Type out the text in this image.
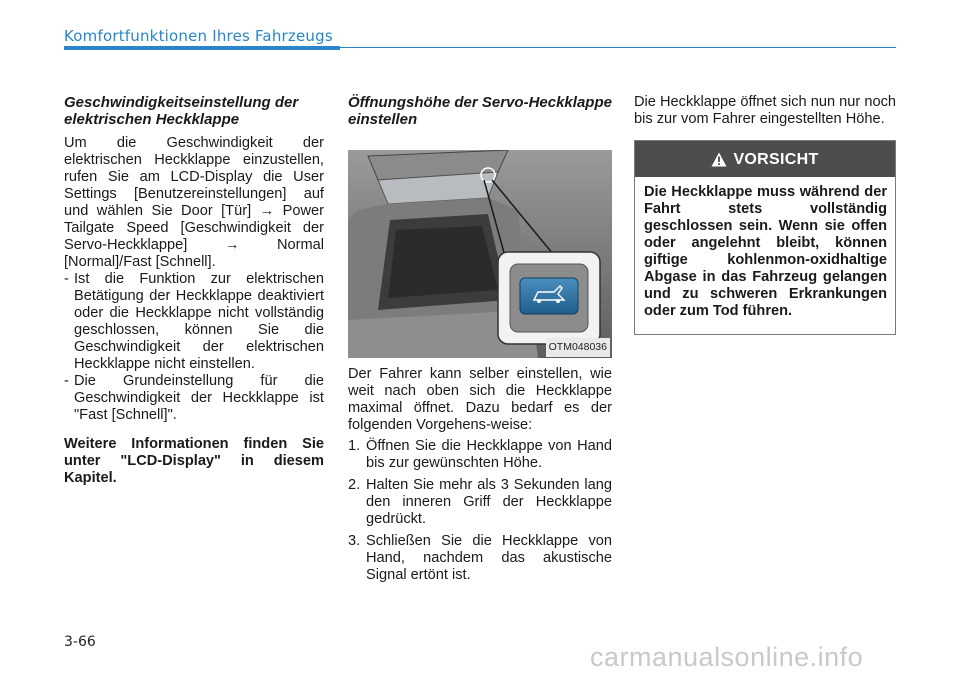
Komfortfunktionen Ihres Fahrzeugs
Geschwindigkeitseinstellung der elektrischen Heckklappe

Um die Geschwindigkeit der elektrischen Heckklappe einzustellen, rufen Sie am LCD-Display die User Settings [Benutzereinstellungen] auf und wählen Sie Door [Tür] → Power Tailgate Speed [Geschwindigkeit der Servo-Heckklappe] → Normal [Normal]/Fast [Schnell].

- Ist die Funktion zur elektrischen Betätigung der Heckklappe deaktiviert oder die Heckklappe nicht vollständig geschlossen, können Sie die Geschwindigkeit der elektrischen Heckklappe nicht einstellen.
- Die Grundeinstellung für die Geschwindigkeit der Heckklappe ist "Fast [Schnell]".

Weitere Informationen finden Sie unter "LCD-Display" in diesem Kapitel.

Öffnungshöhe der Servo-Heckklappe einstellen
OTM048036

Der Fahrer kann selber einstellen, wie weit nach oben sich die Heckklappe maximal öffnet. Dazu bedarf es der folgenden Vorgehens-weise:

1. Öffnen Sie die Heckklappe von Hand bis zur gewünschten Höhe.
2. Halten Sie mehr als 3 Sekunden lang den inneren Griff der Heckklappe gedrückt.
3. Schließen Sie die Heckklappe von Hand, nachdem das akustische Signal ertönt ist.

Die Heckklappe öffnet sich nun nur noch bis zur vom Fahrer eingestellten Höhe.

VORSICHT
Die Heckklappe muss während der Fahrt stets vollständig geschlossen sein. Wenn sie offen oder angelehnt bleibt, können giftige kohlenmon-oxidhaltige Abgase in das Fahrzeug gelangen und zu schweren Erkrankungen oder zum Tod führen.
3-66	carmanualsonline.info
